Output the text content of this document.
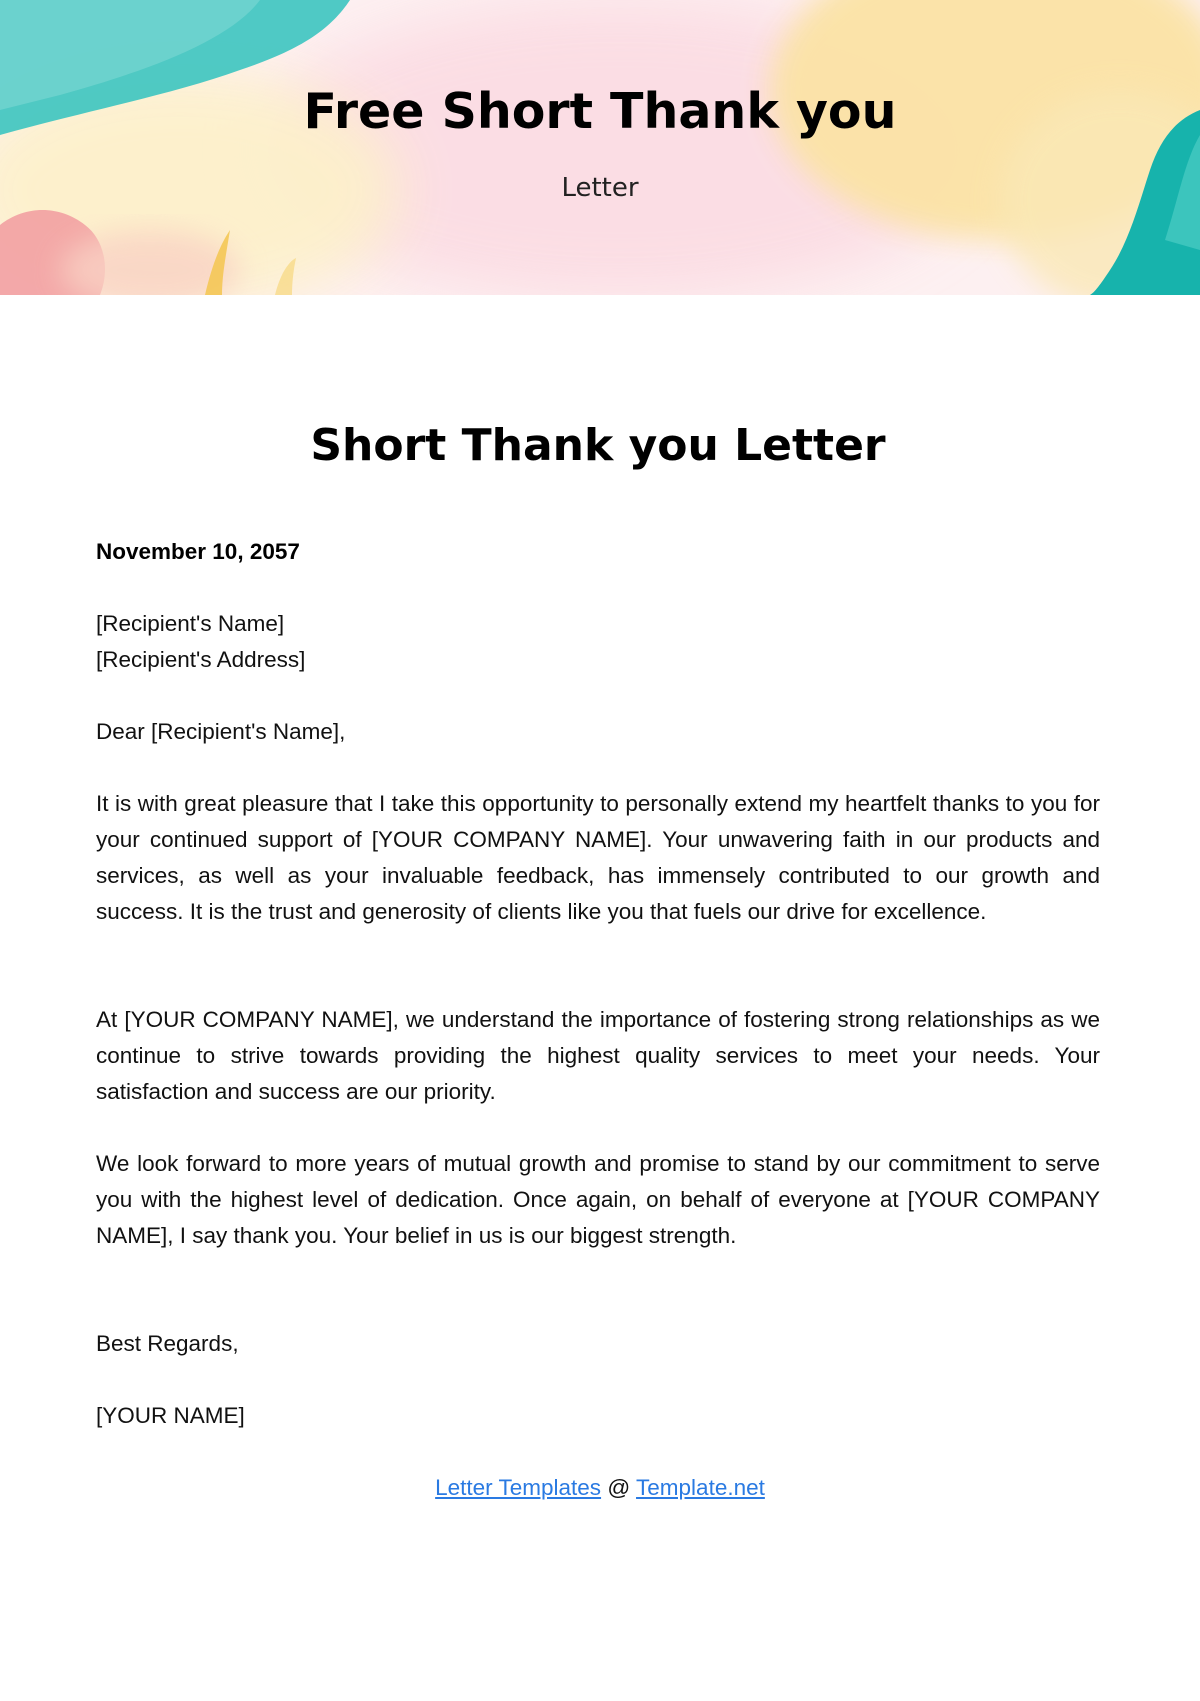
Free Short Thank you
Letter
Short Thank you Letter
November 10, 2057
[Recipient's Name]
[Recipient's Address]
Dear [Recipient's Name],

It is with great pleasure that I take this opportunity to personally extend my heartfelt thanks to you for your continued support of [YOUR COMPANY NAME]. Your unwavering faith in our products and services, as well as your invaluable feedback, has immensely contributed to our growth and success. It is the trust and generosity of clients like you that fuels our drive for excellence.

At [YOUR COMPANY NAME], we understand the importance of fostering strong relationships as we continue to strive towards providing the highest quality services to meet your needs. Your satisfaction and success are our priority.

We look forward to more years of mutual growth and promise to stand by our commitment to serve you with the highest level of dedication. Once again, on behalf of everyone at [YOUR COMPANY NAME], I say thank you. Your belief in us is our biggest strength.

Best Regards,
[YOUR NAME]
Letter Templates @ Template.net
